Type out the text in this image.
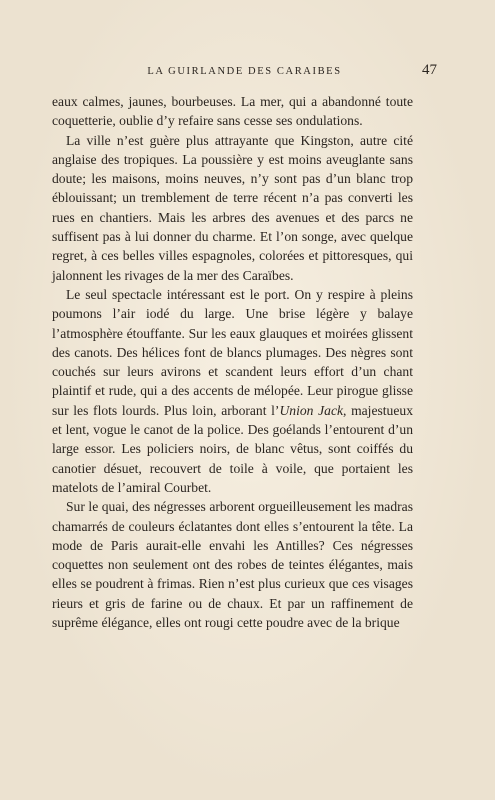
LA GUIRLANDE DES CARAIBES	47

eaux calmes, jaunes, bourbeuses. La mer, qui a abandonné toute coquetterie, oublie d’y refaire sans cesse ses ondulations.

La ville n’est guère plus attrayante que Kingston, autre cité anglaise des tropiques. La poussière y est moins aveuglante sans doute; les maisons, moins neuves, n’y sont pas d’un blanc trop éblouissant; un tremblement de terre récent n’a pas converti les rues en chantiers. Mais les arbres des avenues et des parcs ne suffisent pas à lui donner du charme. Et l’on songe, avec quelque regret, à ces belles villes espagnoles, colorées et pittoresques, qui jalonnent les rivages de la mer des Caraïbes.

Le seul spectacle intéressant est le port. On y respire à pleins poumons l’air iodé du large. Une brise légère y balaye l’atmosphère étouffante. Sur les eaux glauques et moirées glissent des canots. Des hélices font de blancs plumages. Des nègres sont couchés sur leurs avirons et scandent leurs effort d’un chant plaintif et rude, qui a des accents de mélopée. Leur pirogue glisse sur les flots lourds. Plus loin, arborant l’Union Jack, majestueux et lent, vogue le canot de la police. Des goélands l’entourent d’un large essor. Les policiers noirs, de blanc vêtus, sont coiffés du canotier désuet, recouvert de toile à voile, que portaient les matelots de l’amiral Courbet.

Sur le quai, des négresses arborent orgueilleusement les madras chamarrés de couleurs éclatantes dont elles s’entourent la tête. La mode de Paris aurait-elle envahi les Antilles? Ces négresses coquettes non seulement ont des robes de teintes élégantes, mais elles se poudrent à frimas. Rien n’est plus curieux que ces visages rieurs et gris de farine ou de chaux. Et par un raffinement de suprême élégance, elles ont rougi cette poudre avec de la brique
